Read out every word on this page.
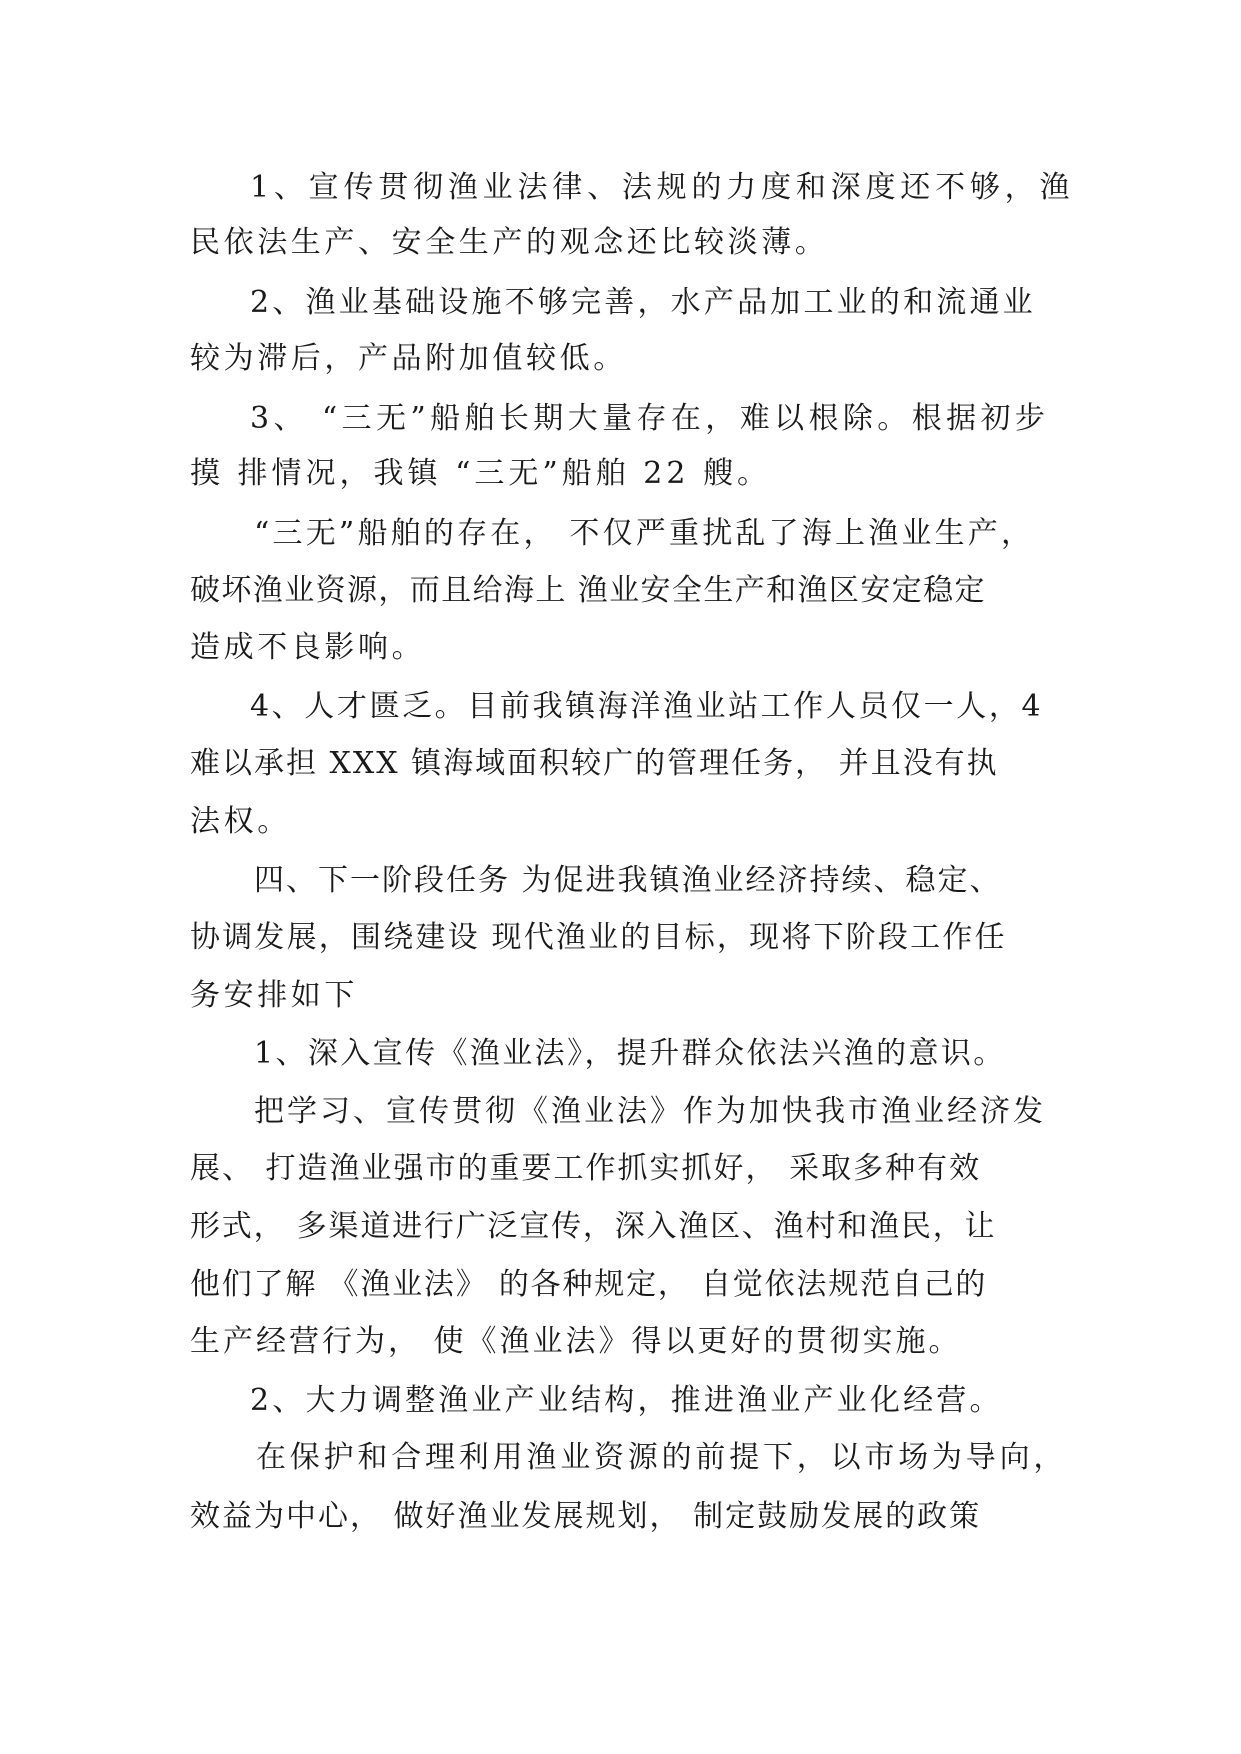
1、宣传贯彻渔业法律、法规的力度和深度还不够，渔
民依法生产、安全生产的观念还比较淡薄。
2、渔业基础设施不够完善，水产品加工业的和流通业
较为滞后，产品附加值较低。
3、 “三无”船舶长期大量存在，难以根除。根据初步
摸 排情况，我镇 “三无”船舶 22 艘。
“三无”船舶的存在， 不仅严重扰乱了海上渔业生产，
破坏渔业资源，而且给海上 渔业安全生产和渔区安定稳定
造成不良影响。
4、人才匮乏。目前我镇海洋渔业站工作人员仅一人，4
难以承担 XXX 镇海域面积较广的管理任务， 并且没有执
法权。
四、下一阶段任务 为促进我镇渔业经济持续、稳定、
协调发展，围绕建设 现代渔业的目标，现将下阶段工作任
务安排如下
1、深入宣传《渔业法》，提升群众依法兴渔的意识。
把学习、宣传贯彻《渔业法》作为加快我市渔业经济发
展、 打造渔业强市的重要工作抓实抓好， 采取多种有效
形式， 多渠道进行广泛宣传，深入渔区、渔村和渔民，让
他们了解 《渔业法》 的各种规定， 自觉依法规范自己的
生产经营行为， 使《渔业法》得以更好的贯彻实施。
2、大力调整渔业产业结构，推进渔业产业化经营。
在保护和合理利用渔业资源的前提下，以市场为导向，
效益为中心， 做好渔业发展规划， 制定鼓励发展的政策
